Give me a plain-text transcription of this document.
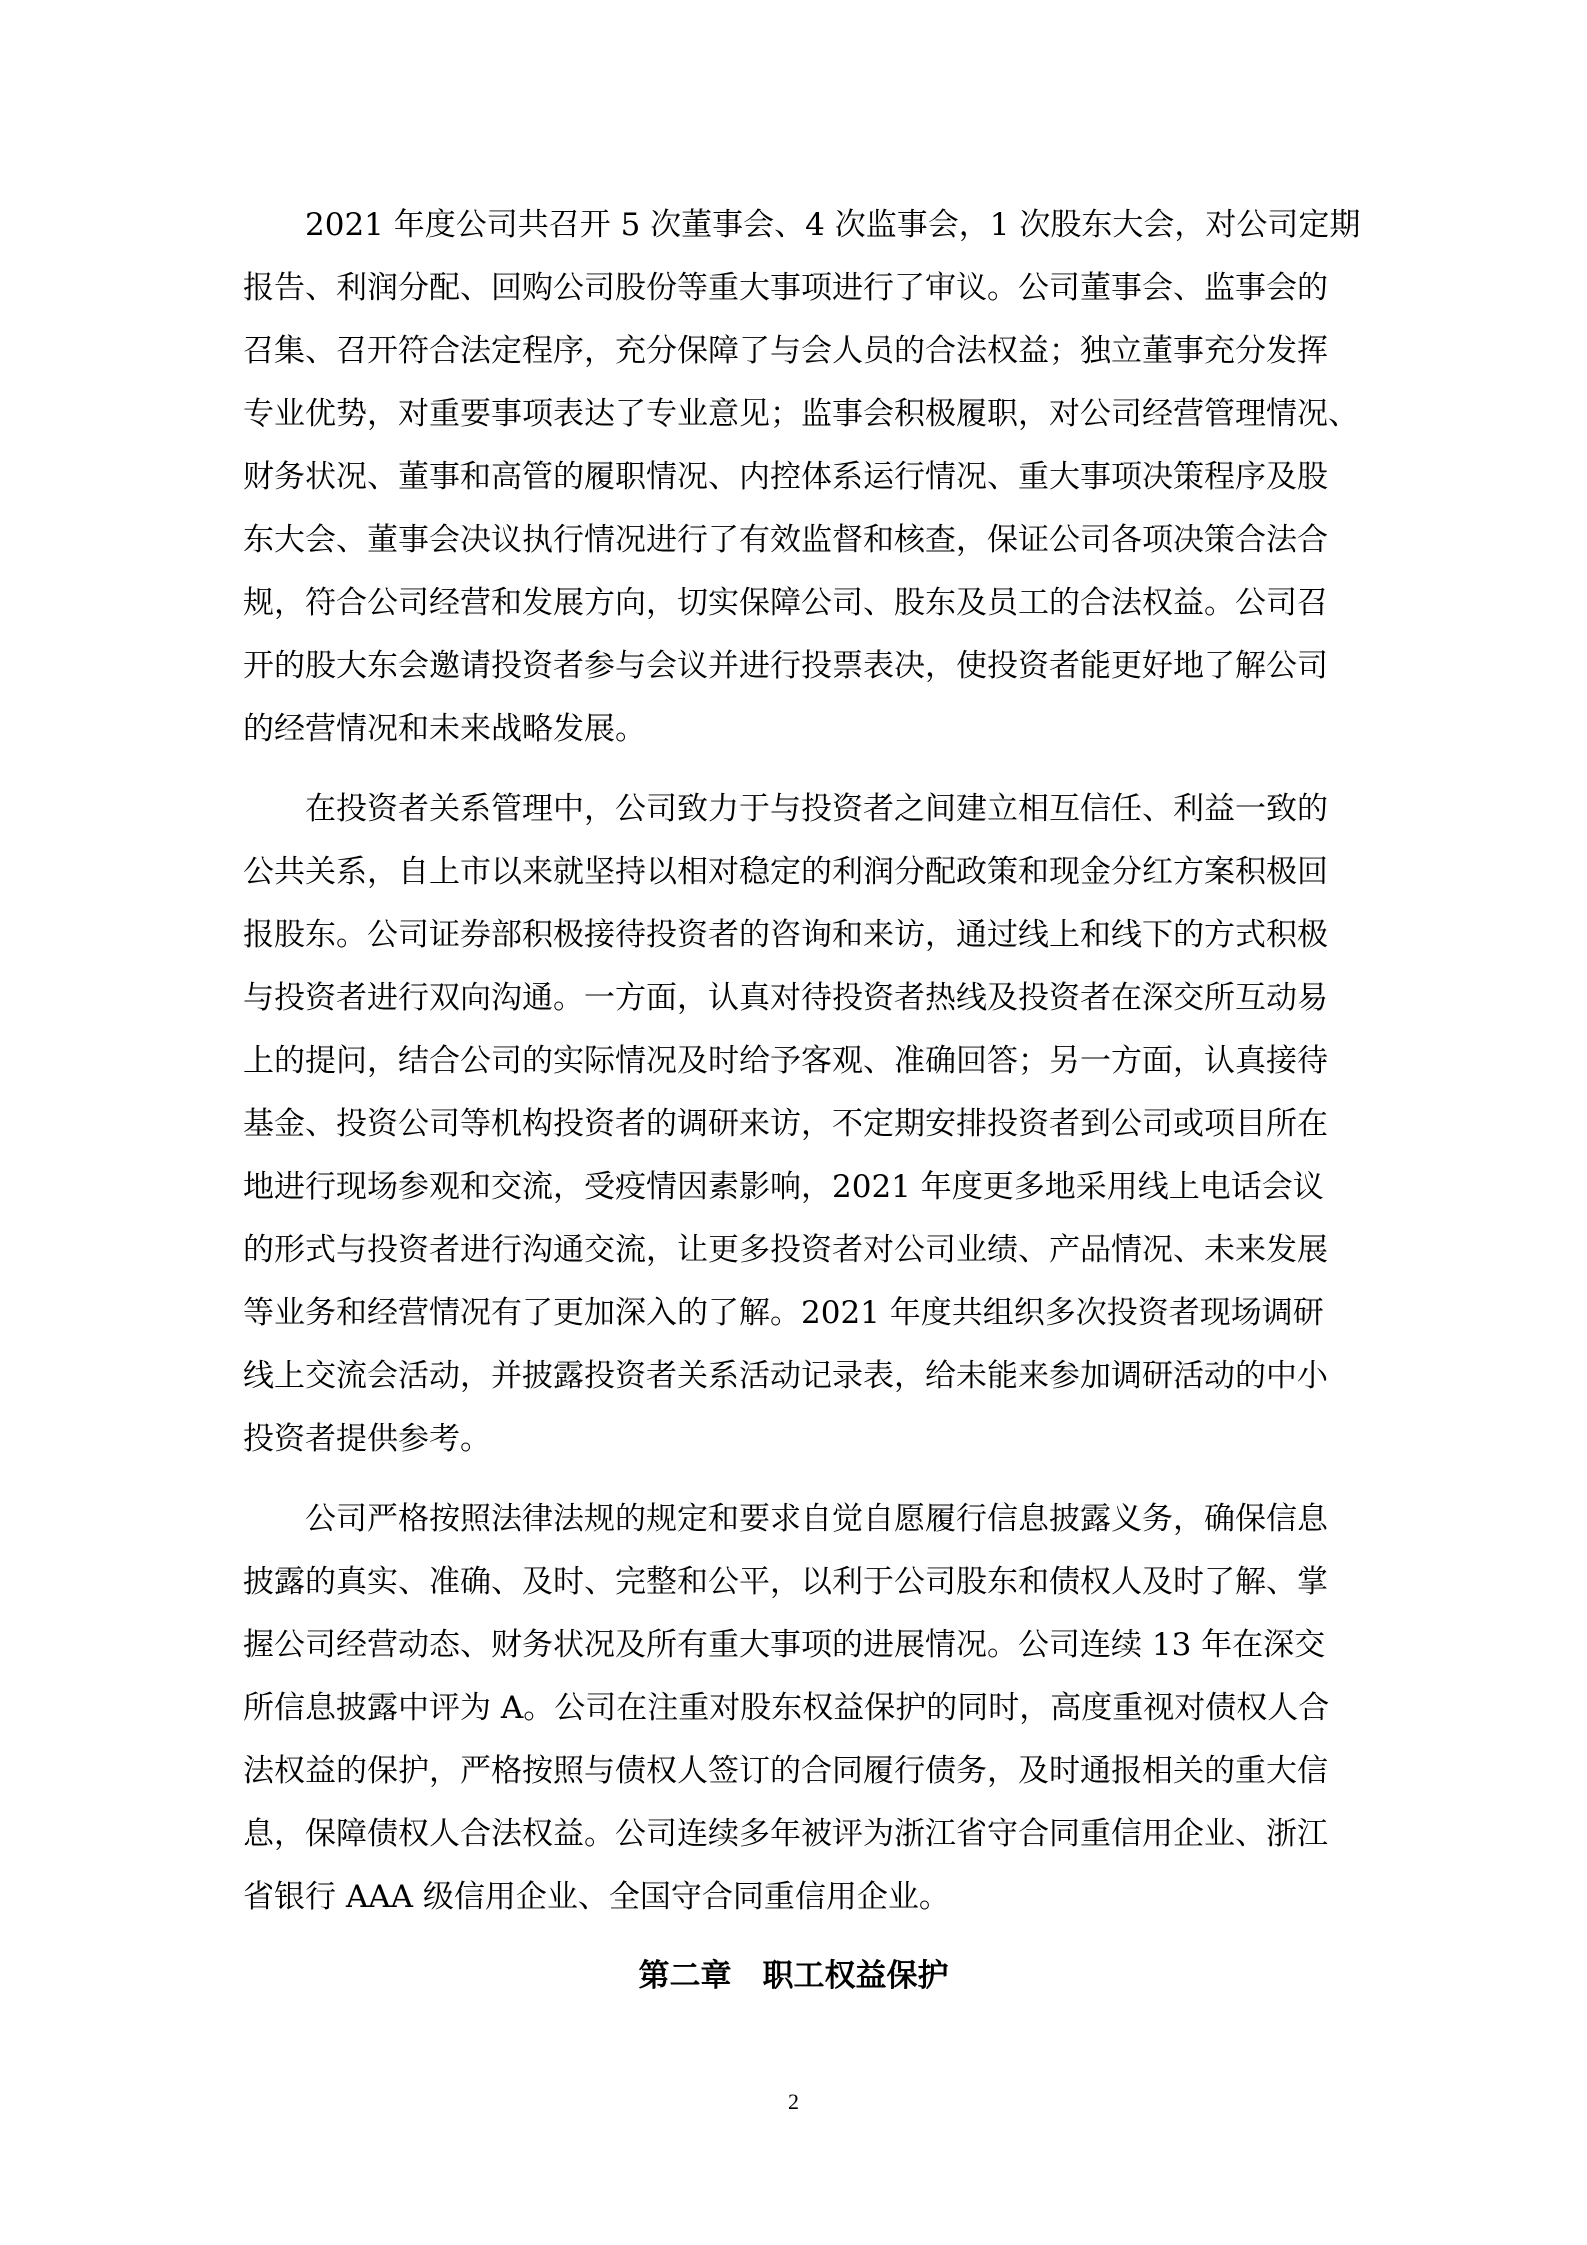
2021 年度公司共召开 5 次董事会、4 次监事会，1 次股东大会，对公司定期

报告、利润分配、回购公司股份等重大事项进行了审议。公司董事会、监事会的

召集、召开符合法定程序，充分保障了与会人员的合法权益；独立董事充分发挥

专业优势，对重要事项表达了专业意见；监事会积极履职，对公司经营管理情况、

财务状况、董事和高管的履职情况、内控体系运行情况、重大事项决策程序及股

东大会、董事会决议执行情况进行了有效监督和核查，保证公司各项决策合法合

规，符合公司经营和发展方向，切实保障公司、股东及员工的合法权益。公司召

开的股大东会邀请投资者参与会议并进行投票表决，使投资者能更好地了解公司

的经营情况和未来战略发展。

在投资者关系管理中，公司致力于与投资者之间建立相互信任、利益一致的

公共关系，自上市以来就坚持以相对稳定的利润分配政策和现金分红方案积极回

报股东。公司证券部积极接待投资者的咨询和来访，通过线上和线下的方式积极

与投资者进行双向沟通。一方面，认真对待投资者热线及投资者在深交所互动易

上的提问，结合公司的实际情况及时给予客观、准确回答；另一方面，认真接待

基金、投资公司等机构投资者的调研来访，不定期安排投资者到公司或项目所在

地进行现场参观和交流，受疫情因素影响，2021 年度更多地采用线上电话会议

的形式与投资者进行沟通交流，让更多投资者对公司业绩、产品情况、未来发展

等业务和经营情况有了更加深入的了解。2021 年度共组织多次投资者现场调研

线上交流会活动，并披露投资者关系活动记录表，给未能来参加调研活动的中小

投资者提供参考。

公司严格按照法律法规的规定和要求自觉自愿履行信息披露义务，确保信息

披露的真实、准确、及时、完整和公平，以利于公司股东和债权人及时了解、掌

握公司经营动态、财务状况及所有重大事项的进展情况。公司连续 13 年在深交

所信息披露中评为 A。公司在注重对股东权益保护的同时，高度重视对债权人合

法权益的保护，严格按照与债权人签订的合同履行债务，及时通报相关的重大信

息，保障债权人合法权益。公司连续多年被评为浙江省守合同重信用企业、浙江

省银行 AAA 级信用企业、全国守合同重信用企业。

第二章　职工权益保护
2
